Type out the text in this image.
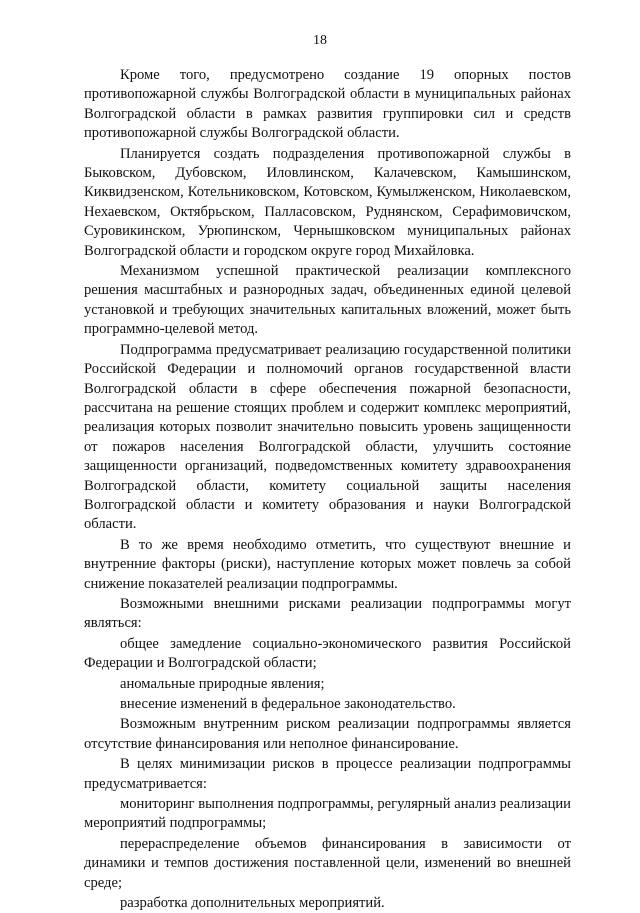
18

Кроме того, предусмотрено создание 19 опорных постов противопожарной службы Волгоградской области в муниципальных районах Волгоградской области в рамках развития группировки сил и средств противопожарной службы Волгоградской области.

Планируется создать подразделения противопожарной службы в Быковском, Дубовском, Иловлинском, Калачевском, Камышинском, Киквидзенском, Котельниковском, Котовском, Кумылженском, Николаевском, Нехаевском, Октябрьском, Палласовском, Руднянском, Серафимовичском, Суровикинском, Урюпинском, Чернышковском муниципальных районах Волгоградской области и городском округе город Михайловка.

Механизмом успешной практической реализации комплексного решения масштабных и разнородных задач, объединенных единой целевой установкой и требующих значительных капитальных вложений, может быть программно-целевой метод.

Подпрограмма предусматривает реализацию государственной политики Российской Федерации и полномочий органов государственной власти Волгоградской области в сфере обеспечения пожарной безопасности, рассчитана на решение стоящих проблем и содержит комплекс мероприятий, реализация которых позволит значительно повысить уровень защищенности от пожаров населения Волгоградской области, улучшить состояние защищенности организаций, подведомственных комитету здравоохранения Волгоградской области, комитету социальной защиты населения Волгоградской области и комитету образования и науки Волгоградской области.

В то же время необходимо отметить, что существуют внешние и внутренние факторы (риски), наступление которых может повлечь за собой снижение показателей реализации подпрограммы.

Возможными внешними рисками реализации подпрограммы могут являться:

общее замедление социально-экономического развития Российской Федерации и Волгоградской области;

аномальные природные явления;

внесение изменений в федеральное законодательство.

Возможным внутренним риском реализации подпрограммы является отсутствие финансирования или неполное финансирование.

В целях минимизации рисков в процессе реализации подпрограммы предусматривается:

мониторинг выполнения подпрограммы, регулярный анализ реализации мероприятий подпрограммы;

перераспределение объемов финансирования в зависимости от динамики и темпов достижения поставленной цели, изменений во внешней среде;

разработка дополнительных мероприятий.
